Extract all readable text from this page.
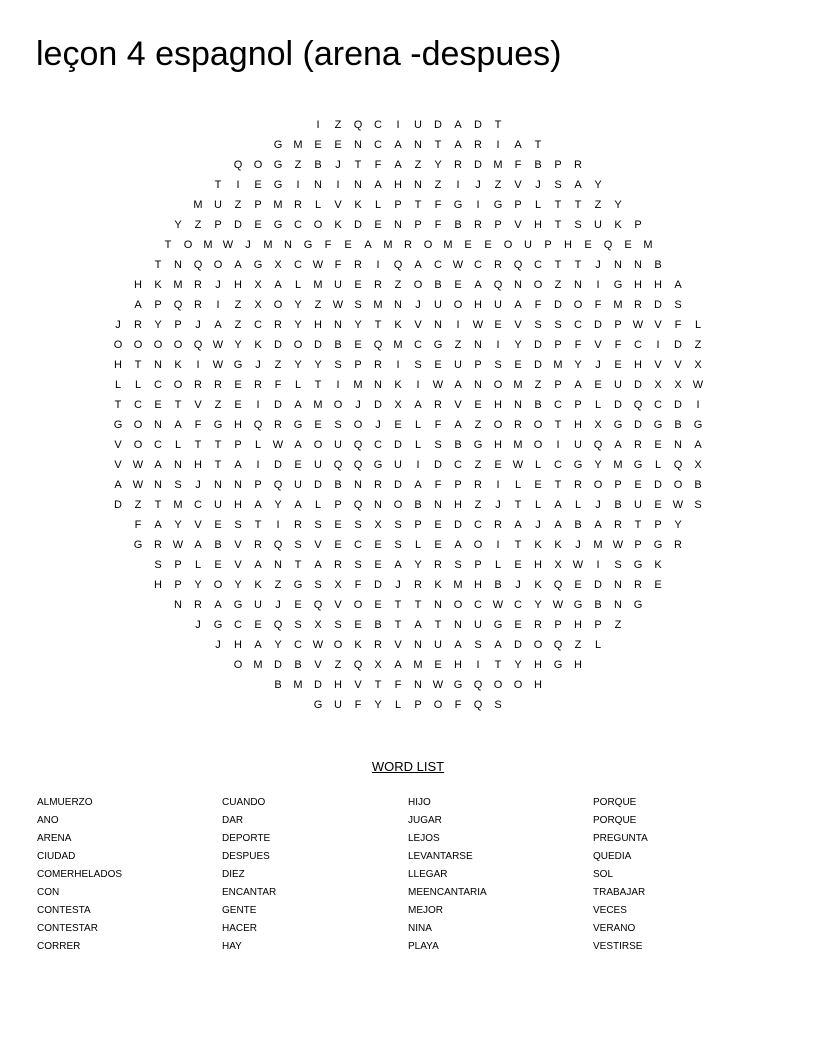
leçon 4 espagnol (arena -despues)
I	Z	Q	C	I	U	D	A	D	T
G	M	E	E	N	C	A	N	T	A	R	I	A	T
Q	O	G	Z	B	J	T	F	A	Z	Y	R	D	M	F	B	P	R
T	I	E	G	I	N	I	N	A	H	N	Z	I	J	Z	V	J	S	A	Y
M	U	Z	P	M	R	L	V	K	L	P	T	F	G	I	G	P	L	T	T	Z	Y
Y	Z	P	D	E	G	C	O	K	D	E	N	P	F	B	R	P	V	H	T	S	U	K	P
T	O	M W	J	M	N	G	F	E	A	M	R	O	M	E	E	O	U	P	H	E	Q	E	M
T	N	Q	O	A	G	X	C W	F	R	I	Q	A	C W C	R	Q	C	T	T	J	N	N	B
H	K	M	R	J	H	X	A	L	M	U	E	R	Z	O	B	E	A	Q	N	O	Z	N	I	G	H	H	A
A	P	Q	R	I	Z	X	O	Y	Z	W	S	M	N	J	U	O	H	U	A	F	D	O	F	M	R	D	S
J	R	Y	P	J	A	Z	C	R	Y	H	N	Y	T	K	V	N	I	W	E	V	S	S	C	D	P	W	V	F	L
O	O	O	O	Q W	Y	K	D	O	D	B	E	Q	M	C	G	Z	N	I	Y	D	P	F	V	F	C	I	D	Z
H	T	N	K	I	W G	J	Z	Y	Y	S	P	R	I	S	E	U	P	S	E	D	M	Y	J	E	H	V	V	X
L	L	C	O	R	R	E	R	F	L	T	I	M	N	K	I	W	A	N	O	M	Z	P	A	E	U	D	X	X	W
T	C	E	T	V	Z	E	I	D	A	M	O	J	D	X	A	R	V	E	H	N	B	C	P	L	D	Q	C	D	I
G	O	N	A	F	G	H	Q	R	G	E	S	O	J	E	L	F	A	Z	O	R	O	T	H	X	G	D	G	B	G
V	O	C	L	T	T	P	L	W	A	O	U	Q	C	D	L	S	B	G	H	M	O	I	U	Q	A	R	E	N	A
V	W	A	N	H	T	A	I	D	E	U	Q	Q	G	U	I	D	C	Z	E	W	L	C	G	Y	M	G	L	Q	X
A	W N	S	J	N	N	P	Q	U	D	B	N	R	D	A	F	P	R	I	L	E	T	R	O	P	E	D	O	B
D	Z	T	M	C	U	H	A	Y	A	L	P	Q	N	O	B	N	H	Z	J	T	L	A	L	J	B	U	E	W	S
F	A	Y	V	E	S	T	I	R	S	E	S	X	S	P	E	D	C	R	A	J	A	B	A	R	T	P	Y
G	R W	A	B	V	R	Q	S	V	E	C	E	S	L	E	A	O	I	T	K	K	J	M W	P	G	R
S	P	L	E	V	A	N	T	A	R	S	E	A	Y	R	S	P	L	E	H	X	W	I	S	G	K
H	P	Y	O	Y	K	Z	G	S	X	F	D	J	R	K	M	H	B	J	K	Q	E	D	N	R	E
N	R	A	G	U	J	E	Q	V	O	E	T	T	N	O	C W C	Y	W G	B	N	G
J	G	C	E	Q	S	X	S	E	B	T	A	T	N	U	G	E	R	P	H	P	Z
J	H	A	Y	C W O	K	R	V	N	U	A	S	A	D	O	Q	Z	L
O	M	D	B	V	Z	Q	X	A	M	E	H	I	T	Y	H	G	H
B	M	D	H	V	T	F	N W G	Q	O	O	H
G	U	F	Y	L	P	O	F	Q	S
WORD LIST
ALMUERZO
ANO
ARENA
CIUDAD
COMERHELADOS
CON
CONTESTA
CONTESTAR
CORRER
CUANDO
DAR
DEPORTE
DESPUES
DIEZ
ENCANTAR
GENTE
HACER
HAY
HIJO
JUGAR
LEJOS
LEVANTARSE
LLEGAR
MEENCANTARIA
MEJOR
NINA
PLAYA
PORQUE
PORQUE
PREGUNTA
QUEDIA
SOL
TRABAJAR
VECES
VERANO
VESTIRSE
